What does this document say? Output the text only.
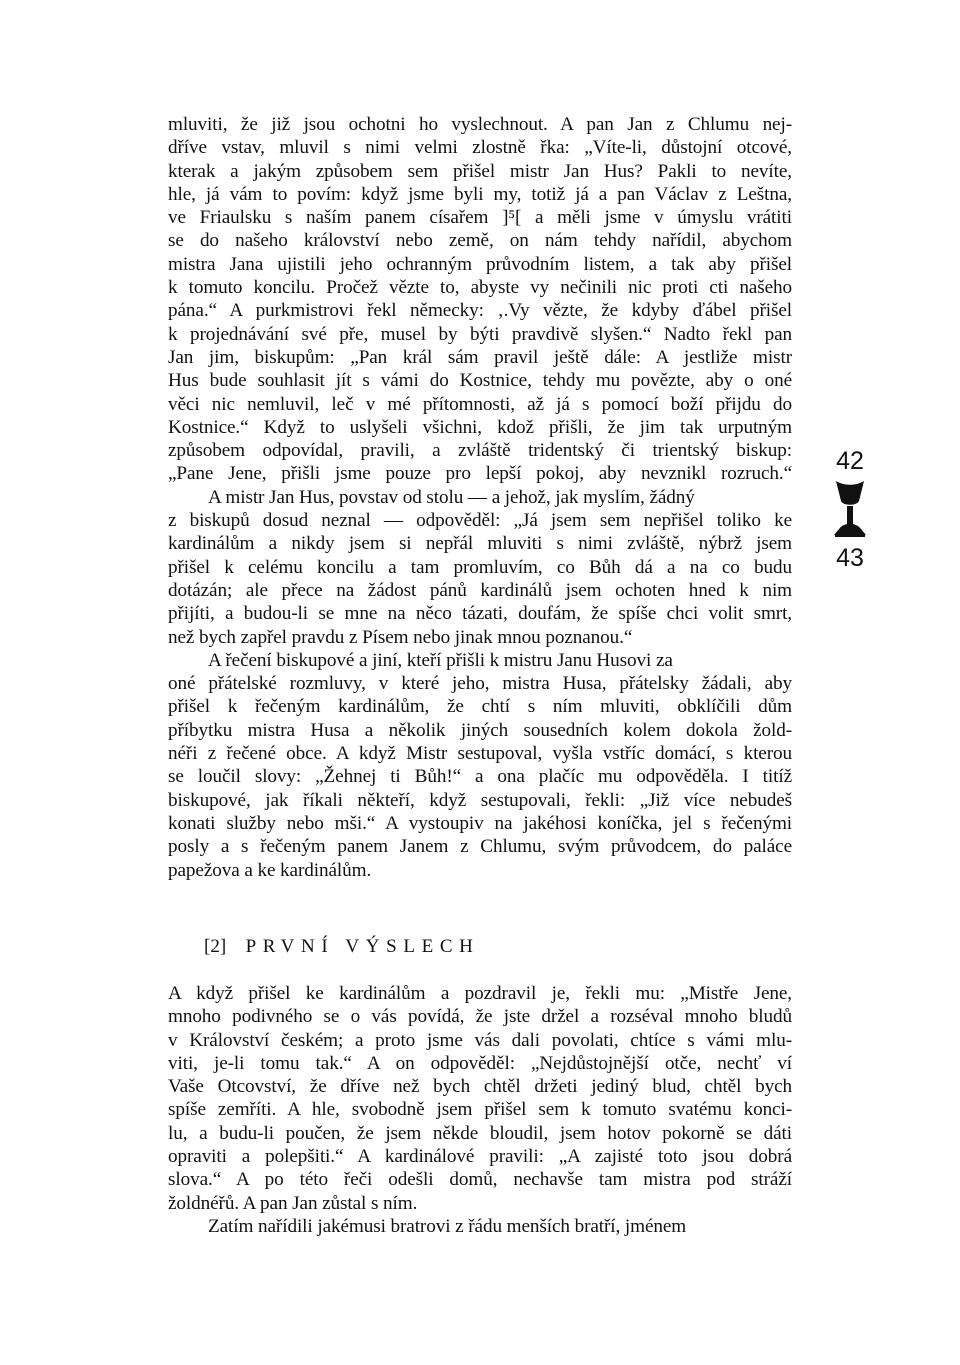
mluviti, že již jsou ochotni ho vyslechnout. A pan Jan z Chlumu nej-
dříve vstav, mluvil s nimi velmi zlostně řka: „Víte-li, důstojní otcové,
kterak a jakým způsobem sem přišel mistr Jan Hus? Pakli to nevíte,
hle, já vám to povím: když jsme byli my, totiž já a pan Václav z Leštna,
ve Friaulsku s naším panem císařem ]⁵[ a měli jsme v úmyslu vrátiti
se do našeho království nebo země, on nám tehdy nařídil, abychom
mistra Jana ujistili jeho ochranným průvodním listem, a tak aby přišel
k tomuto koncilu. Pročež vězte to, abyste vy nečinili nic proti cti našeho
pána.“ A purkmistrovi řekl německy: ‚.Vy vězte, že kdyby ďábel přišel
k projednávání své pře, musel by býti pravdivě slyšen.“ Nadto řekl pan
Jan jim, biskupům: „Pan král sám pravil ještě dále: A jestliže mistr
Hus bude souhlasit jít s vámi do Kostnice, tehdy mu povězte, aby o oné
věci nic nemluvil, leč v mé přítomnosti, až já s pomocí boží přijdu do
Kostnice.“ Když to uslyšeli všichni, kdož přišli, že jim tak urputným
způsobem odpovídal, pravili, a zvláště tridentský či trientský biskup:
„Pane Jene, přišli jsme pouze pro lepší pokoj, aby nevznikl rozruch.“
A mistr Jan Hus, povstav od stolu — a jehož, jak myslím, žádný
z biskupů dosud neznal — odpověděl: „Já jsem sem nepřišel toliko ke
kardinálům a nikdy jsem si nepřál mluviti s nimi zvláště, nýbrž jsem
přišel k celému koncilu a tam promluvím, co Bůh dá a na co budu
dotázán; ale přece na žádost pánů kardinálů jsem ochoten hned k nim
přijíti, a budou-li se mne na něco tázati, doufám, že spíše chci volit smrt,
než bych zapřel pravdu z Písem nebo jinak mnou poznanou.“
A řečení biskupové a jiní, kteří přišli k mistru Janu Husovi za
oné přátelské rozmluvy, v které jeho, mistra Husa, přátelsky žádali, aby
přišel k řečeným kardinálům, že chtí s ním mluviti, obklíčili dům
příbytku mistra Husa a několik jiných sousedních kolem dokola žold-
néři z řečené obce. A když Mistr sestupoval, vyšla vstříc domácí, s kterou
se loučil slovy: „Žehnej ti Bůh!“ a ona plačíc mu odpověděla. I titíž
biskupové, jak říkali někteří, když sestupovali, řekli: „Již více nebudeš
konati služby nebo mši.“ A vystoupiv na jakéhosi koníčka, jel s řečenými
posly a s řečeným panem Janem z Chlumu, svým průvodcem, do paláce
papežova a ke kardinálům.
[2] PRVNÍ VÝSLECH
A když přišel ke kardinálům a pozdravil je, řekli mu: „Mistře Jene,
mnoho podivného se o vás povídá, že jste držel a rozséval mnoho bludů
v Království českém; a proto jsme vás dali povolati, chtíce s vámi mlu-
viti, je-li tomu tak.“ A on odpověděl: „Nejdůstojnější otče, nechť ví
Vaše Otcovství, že dříve než bych chtěl držeti jediný blud, chtěl bych
spíše zemříti. A hle, svobodně jsem přišel sem k tomuto svatému konci-
lu, a budu-li poučen, že jsem někde bloudil, jsem hotov pokorně se dáti
opraviti a polepšiti.“ A kardinálové pravili: „A zajisté toto jsou dobrá
slova.“ A po této řeči odešli domů, nechavše tam mistra pod stráží
žoldnéřů. A pan Jan zůstal s ním.
Zatím nařídili jakémusi bratrovi z řádu menších bratří, jménem
42
43
